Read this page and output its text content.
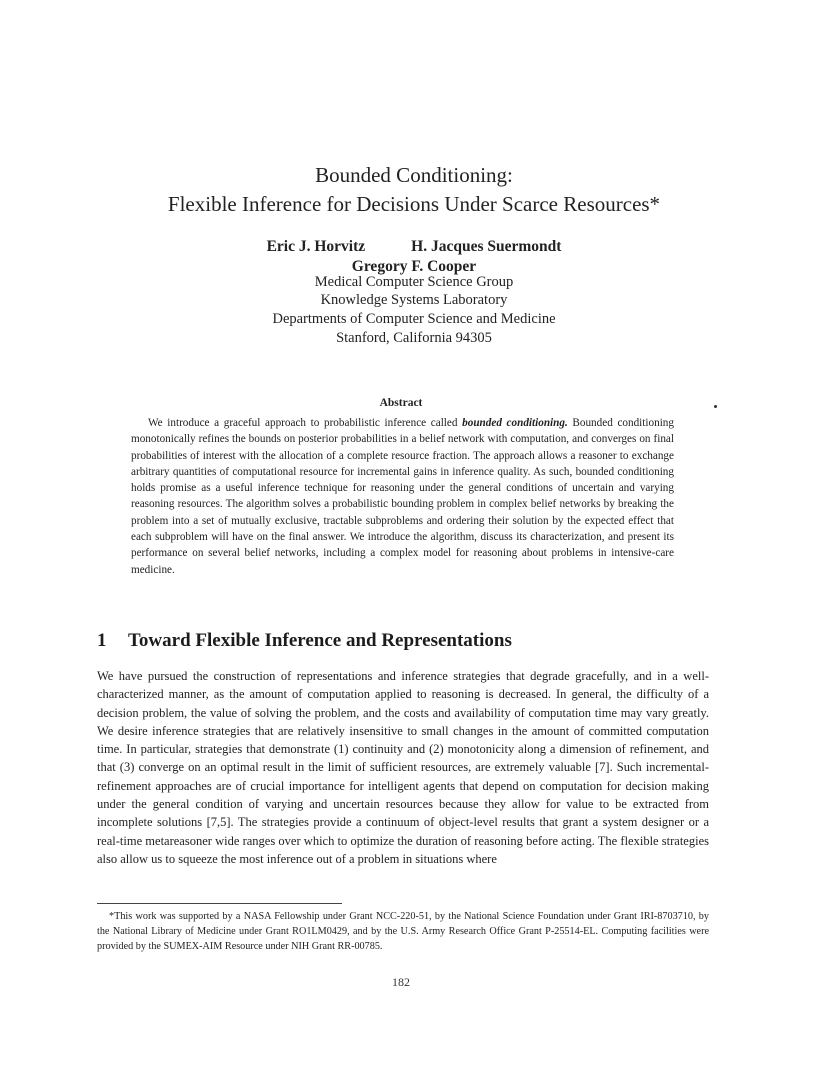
Bounded Conditioning:
Flexible Inference for Decisions Under Scarce Resources*
Eric J. Horvitz	H. Jacques Suermondt
Gregory F. Cooper
Medical Computer Science Group
Knowledge Systems Laboratory
Departments of Computer Science and Medicine
Stanford, California 94305
Abstract

We introduce a graceful approach to probabilistic inference called bounded conditioning. Bounded conditioning monotonically refines the bounds on posterior probabilities in a belief network with computation, and converges on final probabilities of interest with the allocation of a complete resource fraction. The approach allows a reasoner to exchange arbitrary quantities of computational resource for incremental gains in inference quality. As such, bounded conditioning holds promise as a useful inference technique for reasoning under the general conditions of uncertain and varying reasoning resources. The algorithm solves a probabilistic bounding problem in complex belief networks by breaking the problem into a set of mutually exclusive, tractable subproblems and ordering their solution by the expected effect that each subproblem will have on the final answer. We introduce the algorithm, discuss its characterization, and present its performance on several belief networks, including a complex model for reasoning about problems in intensive-care medicine.

1 Toward Flexible Inference and Representations

We have pursued the construction of representations and inference strategies that degrade gracefully, and in a well-characterized manner, as the amount of computation applied to reasoning is decreased. In general, the difficulty of a decision problem, the value of solving the problem, and the costs and availability of computation time may vary greatly. We desire inference strategies that are relatively insensitive to small changes in the amount of committed computation time. In particular, strategies that demonstrate (1) continuity and (2) monotonicity along a dimension of refinement, and that (3) converge on an optimal result in the limit of sufficient resources, are extremely valuable [7]. Such incremental-refinement approaches are of crucial importance for intelligent agents that depend on computation for decision making under the general condition of varying and uncertain resources because they allow for value to be extracted from incomplete solutions [7,5]. The strategies provide a continuum of object-level results that grant a system designer or a real-time metareasoner wide ranges over which to optimize the duration of reasoning before acting. The flexible strategies also allow us to squeeze the most inference out of a problem in situations where

*This work was supported by a NASA Fellowship under Grant NCC-220-51, by the National Science Foundation under Grant IRI-8703710, by the National Library of Medicine under Grant RO1LM0429, and by the U.S. Army Research Office Grant P-25514-EL. Computing facilities were provided by the SUMEX-AIM Resource under NIH Grant RR-00785.

182
